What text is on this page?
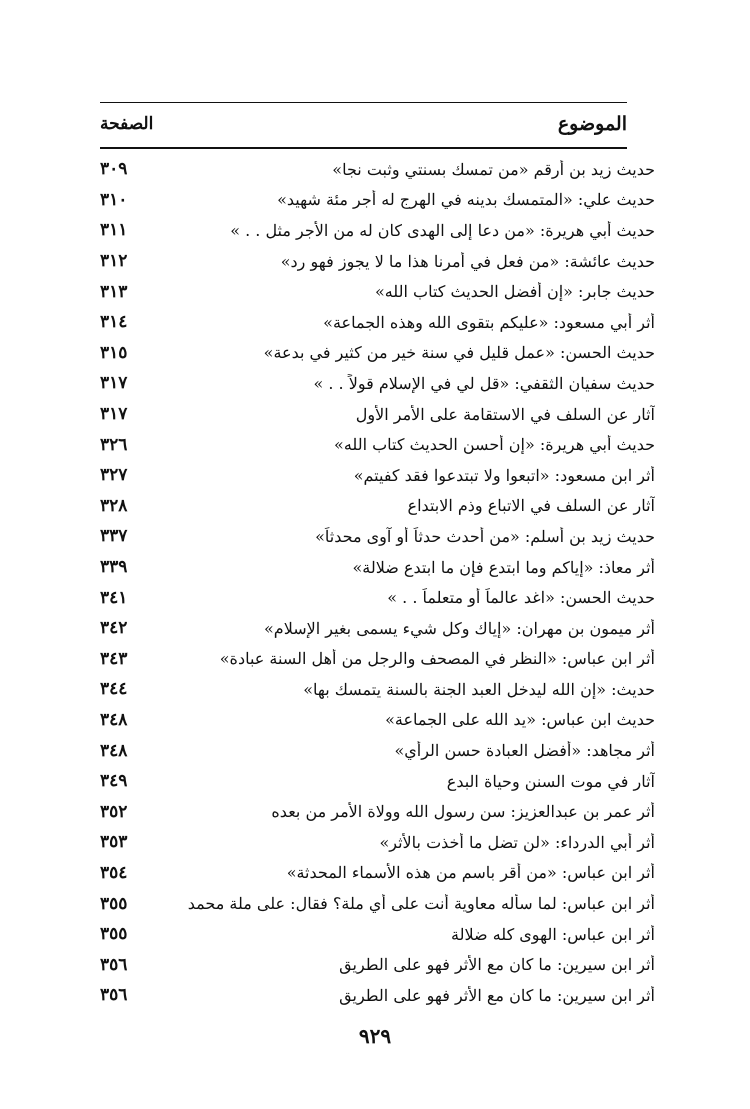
الصفحة	الموضوع
٣٠٩	حديث زيد بن أرقم «من تمسك بسنتي وثبت نجا»
٣١٠	حديث علي: «المتمسك بدينه في الهرج له أجر مئة شهيد»
٣١١	حديث أبي هريرة: «من دعا إلى الهدى كان له من الأجر مثل . . »
٣١٢	حديث عائشة: «من فعل في أمرنا هذا ما لا يجوز فهو رد»
٣١٣	حديث جابر: «إن أفضل الحديث كتاب الله»
٣١٤	أثر أبي مسعود: «عليكم بتقوى الله وهذه الجماعة»
٣١٥	حديث الحسن: «عمل قليل في سنة خير من كثير في بدعة»
٣١٧	حديث سفيان الثقفي: «قل لي في الإسلام قولاً . . »
٣١٧	آثار عن السلف في الاستقامة على الأمر الأول
٣٢٦	حديث أبي هريرة: «إن أحسن الحديث كتاب الله»
٣٢٧	أثر ابن مسعود: «اتبعوا ولا تبتدعوا فقد كفيتم»
٣٢٨	آثار عن السلف في الاتباع وذم الابتداع
٣٣٧	حديث زيد بن أسلم: «من أحدث حدثاً أو آوى محدثاً»
٣٣٩	أثر معاذ: «إياكم وما ابتدع فإن ما ابتدع ضلالة»
٣٤١	حديث الحسن: «اغد عالماً أو متعلماً . . »
٣٤٢	أثر ميمون بن مهران: «إياك وكل شيء يسمى بغير الإسلام»
٣٤٣	أثر ابن عباس: «النظر في المصحف والرجل من أهل السنة عبادة»
٣٤٤	حديث: «إن الله ليدخل العبد الجنة بالسنة يتمسك بها»
٣٤٨	حديث ابن عباس: «يد الله على الجماعة»
٣٤٨	أثر مجاهد: «أفضل العبادة حسن الرأي»
٣٤٩	آثار في موت السنن وحياة البدع
٣٥٢	أثر عمر بن عبدالعزيز: سن رسول الله وولاة الأمر من بعده
٣٥٣	أثر أبي الدرداء: «لن تضل ما أخذت بالأثر»
٣٥٤	أثر ابن عباس: «من أقر باسم من هذه الأسماء المحدثة»
٣٥٥	أثر ابن عباس: لما سأله معاوية أنت على أي ملة؟ فقال: على ملة محمد
٣٥٥	أثر ابن عباس: الهوى كله ضلالة
٣٥٦	أثر ابن سيرين: ما كان مع الأثر فهو على الطريق
٣٥٦	أثر ابن سيرين: ما كان مع الأثر فهو على الطريق
٩٢٩
